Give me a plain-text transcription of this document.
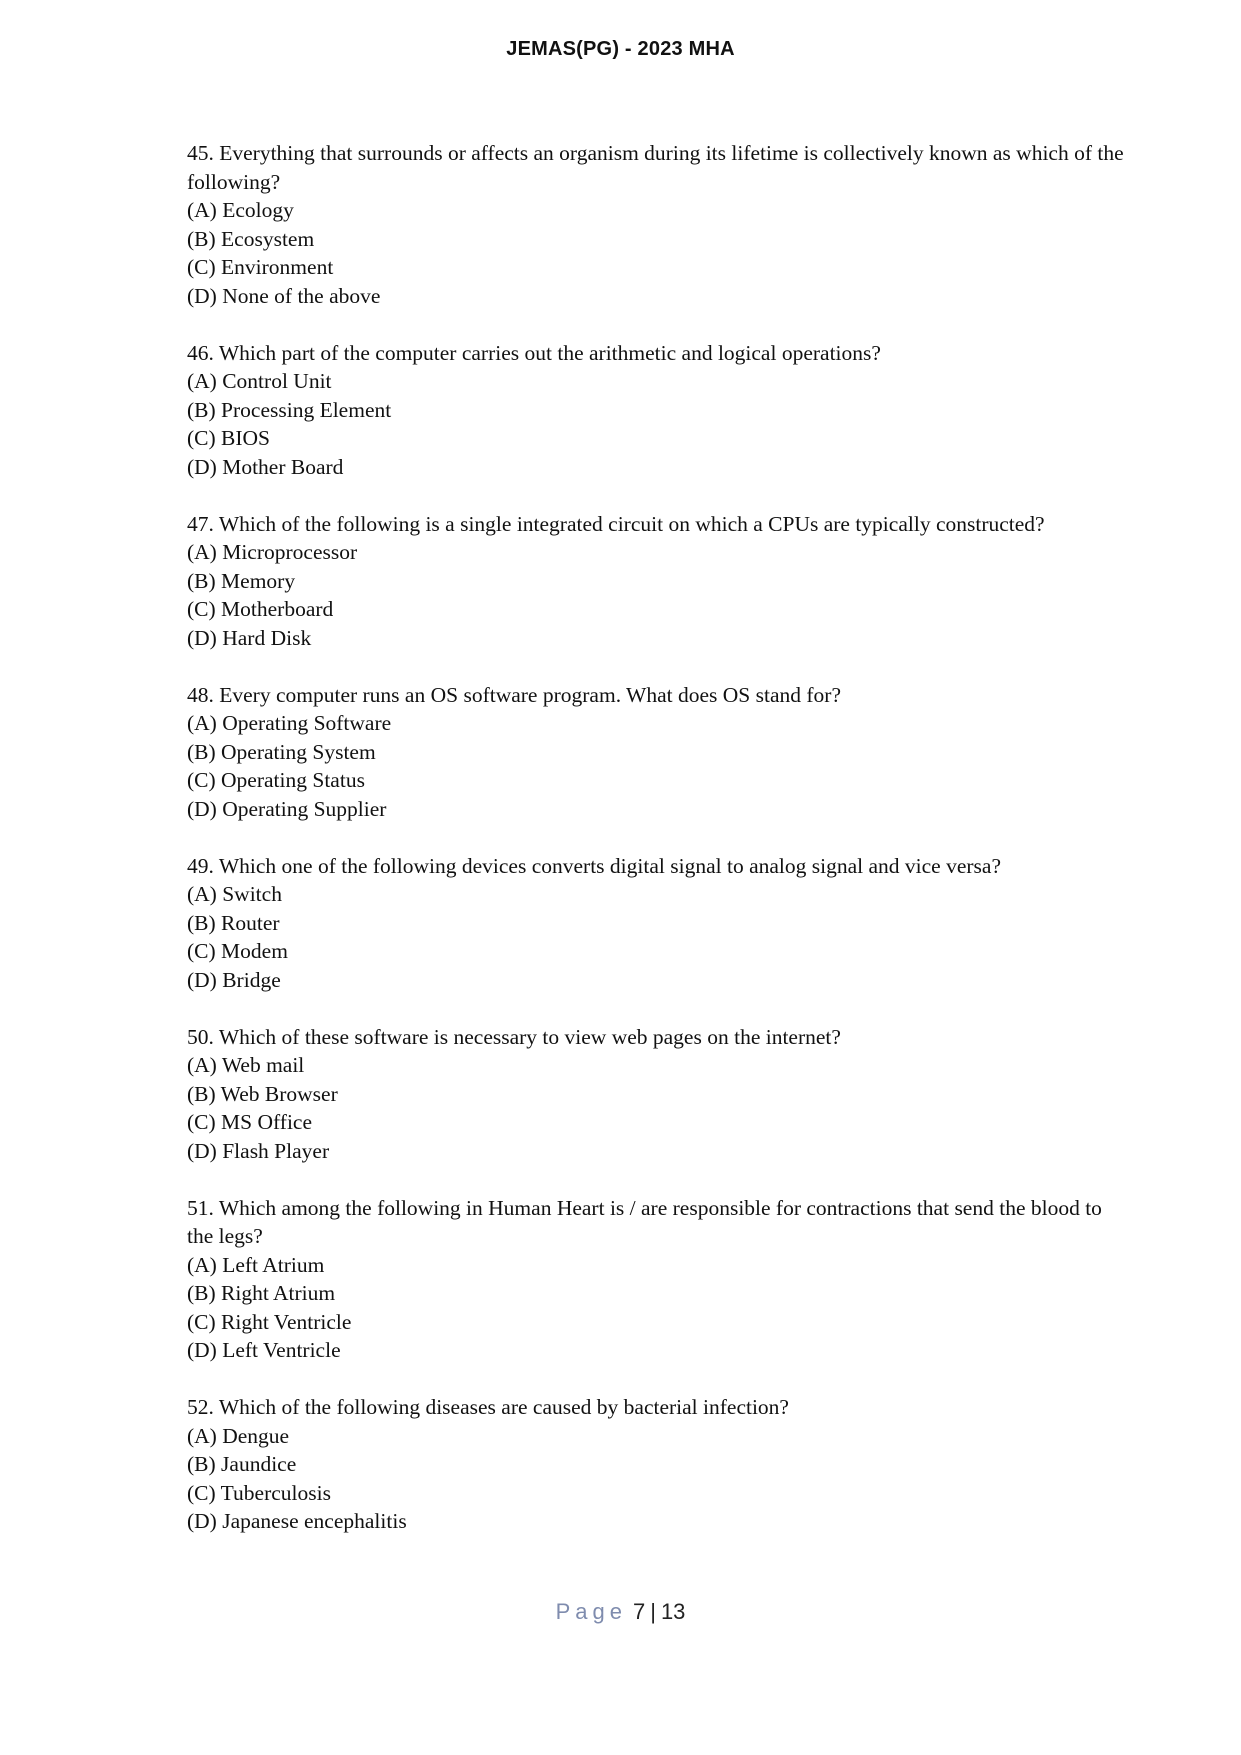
JEMAS(PG) - 2023 MHA
45. Everything that surrounds or affects an organism during its lifetime is collectively known as which of the following?
(A) Ecology
(B) Ecosystem
(C) Environment
(D) None of the above
46. Which part of the computer carries out the arithmetic and logical operations?
(A) Control Unit
(B) Processing Element
(C) BIOS
(D) Mother Board
47. Which of the following is a single integrated circuit on which a CPUs are typically constructed?
(A) Microprocessor
(B) Memory
(C) Motherboard
(D) Hard Disk
48. Every computer runs an OS software program. What does OS stand for?
(A) Operating Software
(B) Operating System
(C) Operating Status
(D) Operating Supplier
49. Which one of the following devices converts digital signal to analog signal and vice versa?
(A) Switch
(B) Router
(C) Modem
(D) Bridge
50. Which of these software is necessary to view web pages on the internet?
(A) Web mail
(B) Web Browser
(C) MS Office
(D) Flash Player
51. Which among the following in Human Heart is / are responsible for contractions that send the blood to the legs?
(A) Left Atrium
(B) Right Atrium
(C) Right Ventricle
(D) Left Ventricle
52. Which of the following diseases are caused by bacterial infection?
(A) Dengue
(B) Jaundice
(C) Tuberculosis
(D) Japanese encephalitis
Page 7 | 13
